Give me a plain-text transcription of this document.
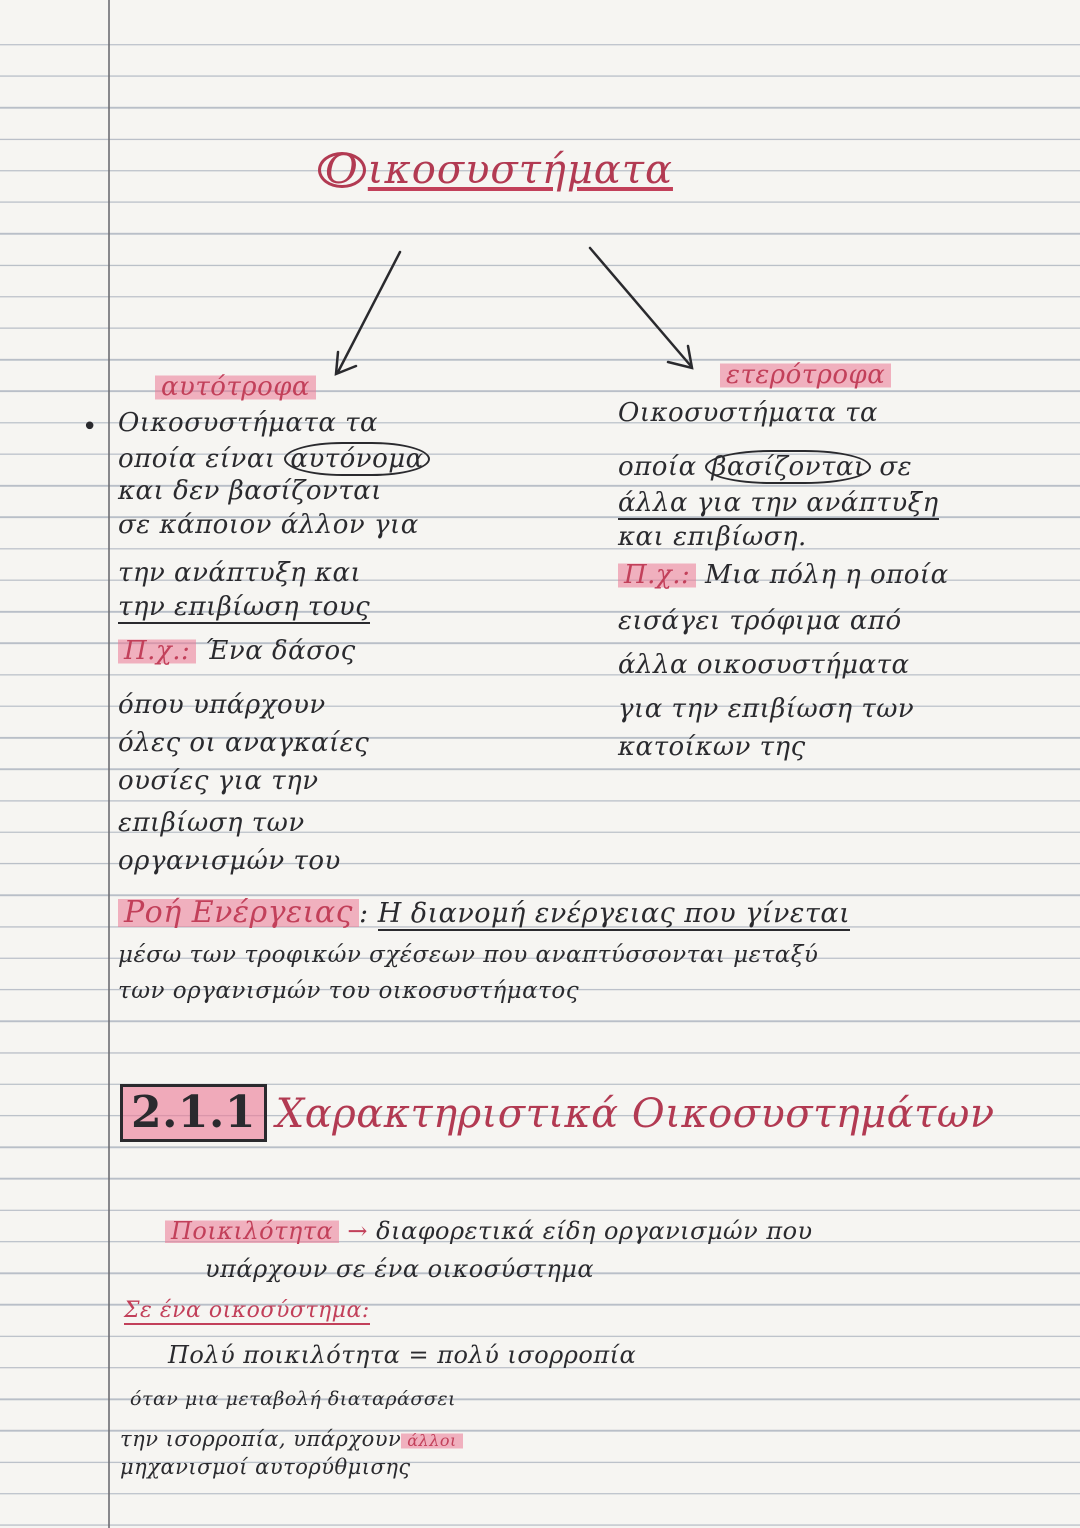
Ο ικοσυστήματα
αυτότροφα
• Οικοσυστήματα τα
οποία είναι αυτόνομα
και δεν βασίζονται
σε κάποιον άλλον για
την ανάπτυξη και
την επιβίωση τους
Π.χ.: Ένα δάσος
όπου υπάρχουν
όλες οι αναγκαίες
ουσίες για την
επιβίωση των
οργανισμών του
ετερότροφα
Οικοσυστήματα τα
οποία βασίζονται σε
άλλα για την ανάπτυξη
και επιβίωση.
Π.χ.: Μια πόλη η οποία
εισάγει τρόφιμα από
άλλα οικοσυστήματα
για την επιβίωση των
κατοίκων της
Ροή Ενέργειας : Η διανομή ενέργειας που γίνεται
μέσω των τροφικών σχέσεων που αναπτύσσονται μεταξύ
των οργανισμών του οικοσυστήματος
2.1.1 Χαρακτηριστικά Οικοσυστημάτων
Ποικιλότητα → διαφορετικά είδη οργανισμών που
υπάρχουν σε ένα οικοσύστημα
Σε ένα οικοσύστημα:
Πολύ ποικιλότητα = πολύ ισορροπία
όταν μια μεταβολή διαταράσσει
την ισορροπία, υπάρχουν άλλοι
μηχανισμοί αυτορύθμισης
